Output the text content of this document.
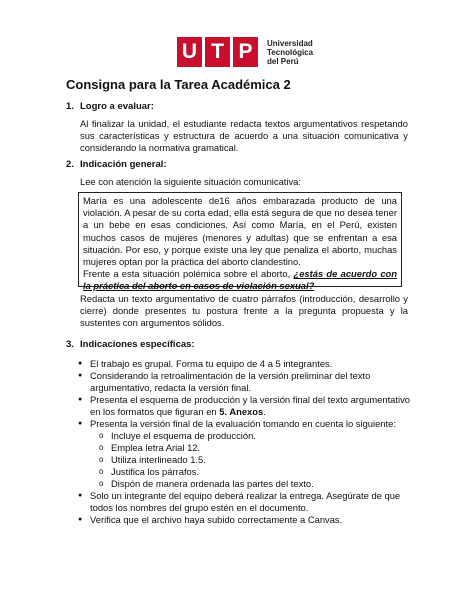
U T P	Universidad
Tecnológica
del Perú
Consigna para la Tarea Académica 2
1. Logro a evaluar:
Al finalizar la unidad, el estudiante redacta textos argumentativos respetando sus características y estructura de acuerdo a una situación comunicativa y considerando la normativa gramatical.
2. Indicación general:
Lee con atención la siguiente situación comunicativa:

María es una adolescente de16 años embarazada producto de una violación. A pesar de su corta edad, ella está segura de que no desea tener a un bebe en esas condiciones. Así como María, en el Perú, existen muchos casos de mujeres (menores y adultas) que se enfrentan a esa situación. Por eso, y porque existe una ley que penaliza el aborto, muchas mujeres optan por la práctica del aborto clandestino.

Frente a esta situación polémica sobre el aborto, ¿estás de acuerdo con la práctica del aborto en casos de violación sexual?

Redacta un texto argumentativo de cuatro párrafos (introducción, desarrollo y cierre) donde presentes tu postura frente a la pregunta propuesta y la sustentes con argumentos sólidos.
3. Indicaciones específicas:
● El trabajo es grupal. Forma tu equipo de 4 a 5 integrantes.
● Considerando la retroalimentación de la versión preliminar del texto argumentativo, redacta la versión final.
● Presenta el esquema de producción y la versión final del texto argumentativo en los formatos que figuran en 5. Anexos.
● Presenta la versión final de la evaluación tomando en cuenta lo siguiente:
o Incluye el esquema de producción.
o Emplea letra Arial 12.
o Utiliza interlineado 1.5.
o Justifica los párrafos.
o Dispón de manera ordenada las partes del texto.
● Solo un integrante del equipo deberá realizar la entrega. Asegúrate de que todos los nombres del grupo estén en el documento.
● Verifica que el archivo haya subido correctamente a Canvas.
